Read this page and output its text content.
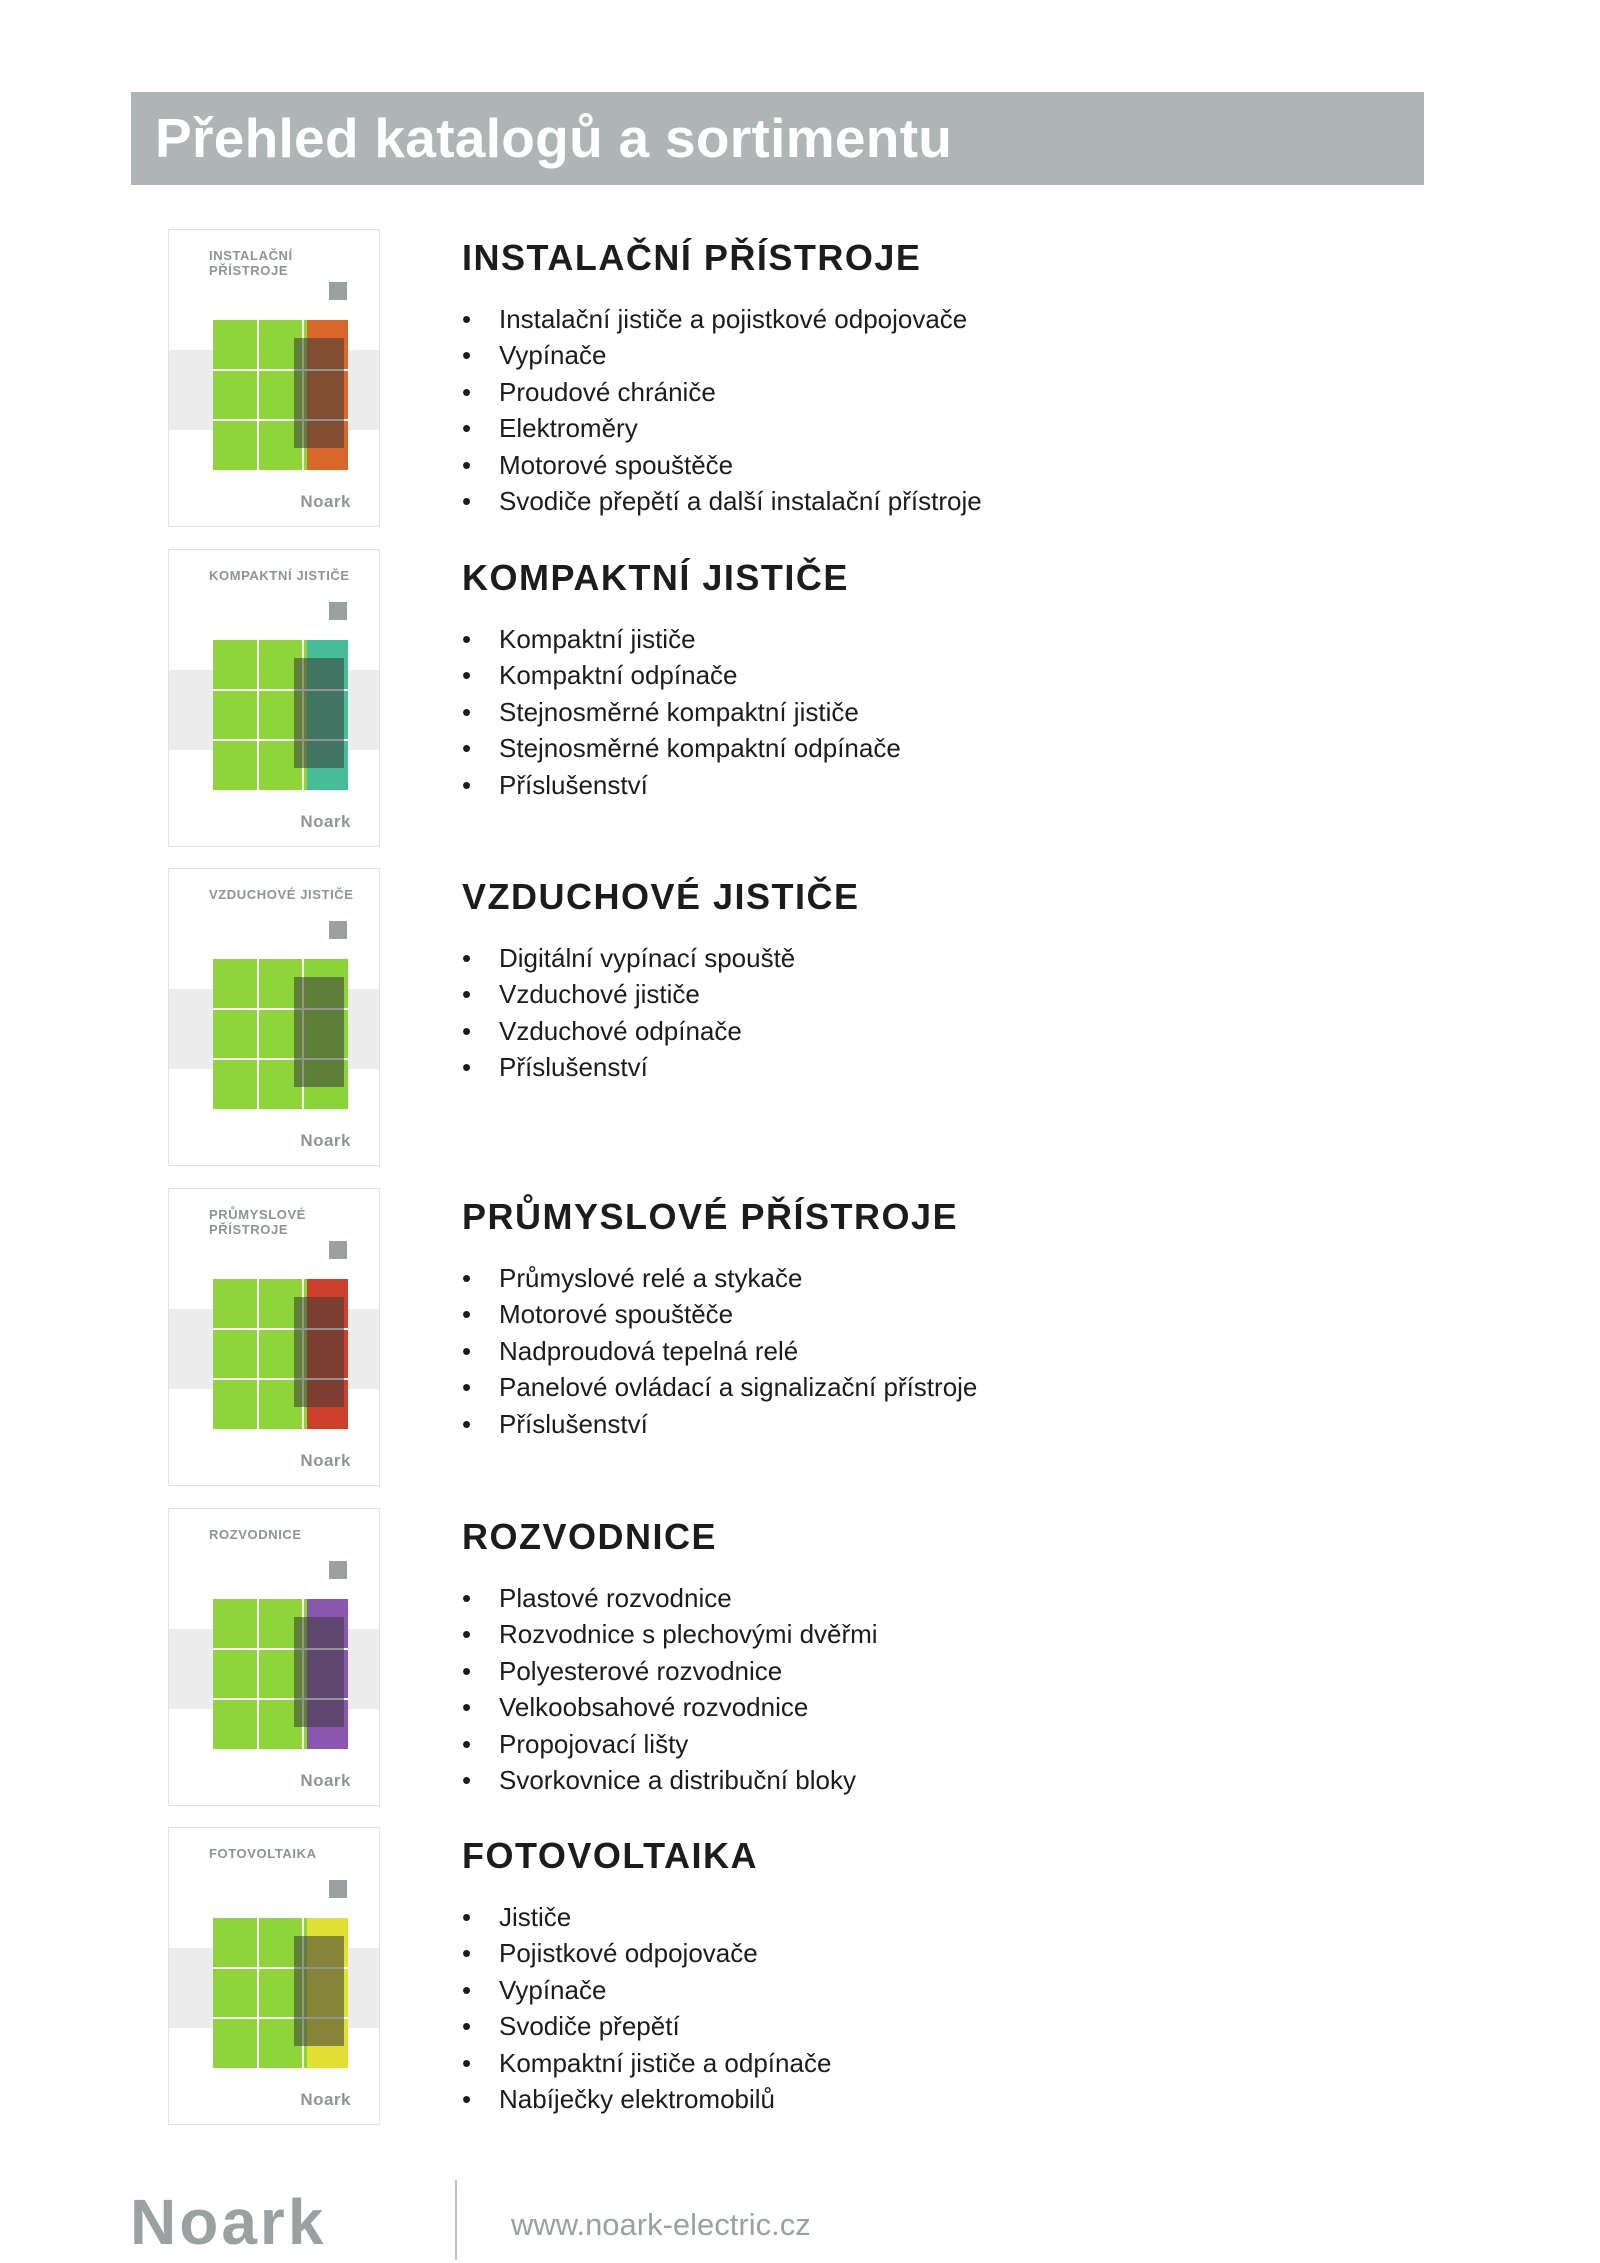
Přehled katalogů a sortimentu
INSTALAČNÍ PŘÍSTROJE
Noark
INSTALAČNÍ PŘÍSTROJE
• Instalační jističe a pojistkové odpojovače
• Vypínače
• Proudové chrániče
• Elektroměry
• Motorové spouštěče
• Svodiče přepětí a další instalační přístroje
KOMPAKTNÍ JISTIČE
Noark
KOMPAKTNÍ JISTIČE
• Kompaktní jističe
• Kompaktní odpínače
• Stejnosměrné kompaktní jističe
• Stejnosměrné kompaktní odpínače
• Příslušenství
VZDUCHOVÉ JISTIČE
Noark
VZDUCHOVÉ JISTIČE
• Digitální vypínací spouště
• Vzduchové jističe
• Vzduchové odpínače
• Příslušenství
PRŮMYSLOVÉ PŘÍSTROJE
Noark
PRŮMYSLOVÉ PŘÍSTROJE
• Průmyslové relé a stykače
• Motorové spouštěče
• Nadproudová tepelná relé
• Panelové ovládací a signalizační přístroje
• Příslušenství
ROZVODNICE
Noark
ROZVODNICE
• Plastové rozvodnice
• Rozvodnice s plechovými dvěřmi
• Polyesterové rozvodnice
• Velkoobsahové rozvodnice
• Propojovací lišty
• Svorkovnice a distribuční bloky
FOTOVOLTAIKA
Noark
FOTOVOLTAIKA
• Jističe
• Pojistkové odpojovače
• Vypínače
• Svodiče přepětí
• Kompaktní jističe a odpínače
• Nabíječky elektromobilů
Noark	www.noark-electric.cz
